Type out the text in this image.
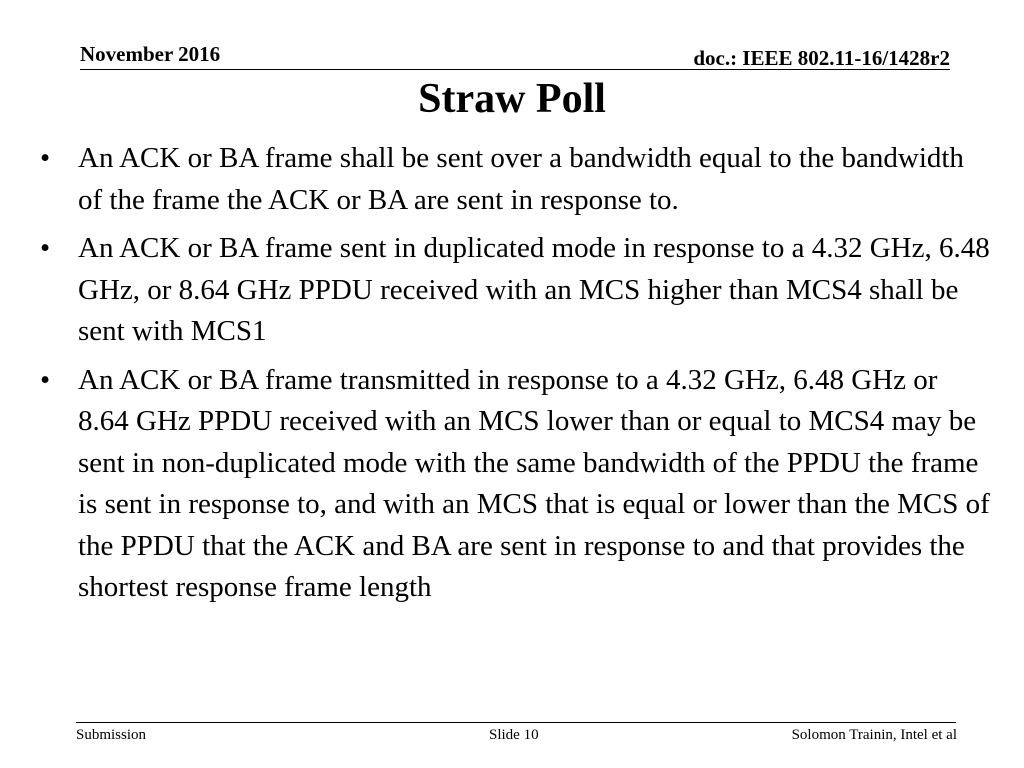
November 2016	doc.: IEEE 802.11-16/1428r2
Straw Poll
• An ACK or BA frame shall be sent over a bandwidth equal to the bandwidth of the frame the ACK or BA are sent in response to.
• An ACK or BA frame sent in duplicated mode in response to a 4.32 GHz, 6.48 GHz, or 8.64 GHz PPDU received with an MCS higher than MCS4 shall be sent with MCS1
• An ACK or BA frame transmitted in response to a 4.32 GHz, 6.48 GHz or 8.64 GHz PPDU received with an MCS lower than or equal to MCS4 may be sent in non-duplicated mode with the same bandwidth of the PPDU the frame is sent in response to, and with an MCS that is equal or lower than the MCS of the PPDU that the ACK and BA are sent in response to and that provides the shortest response frame length
Submission	Slide 10	Solomon Trainin, Intel et al
